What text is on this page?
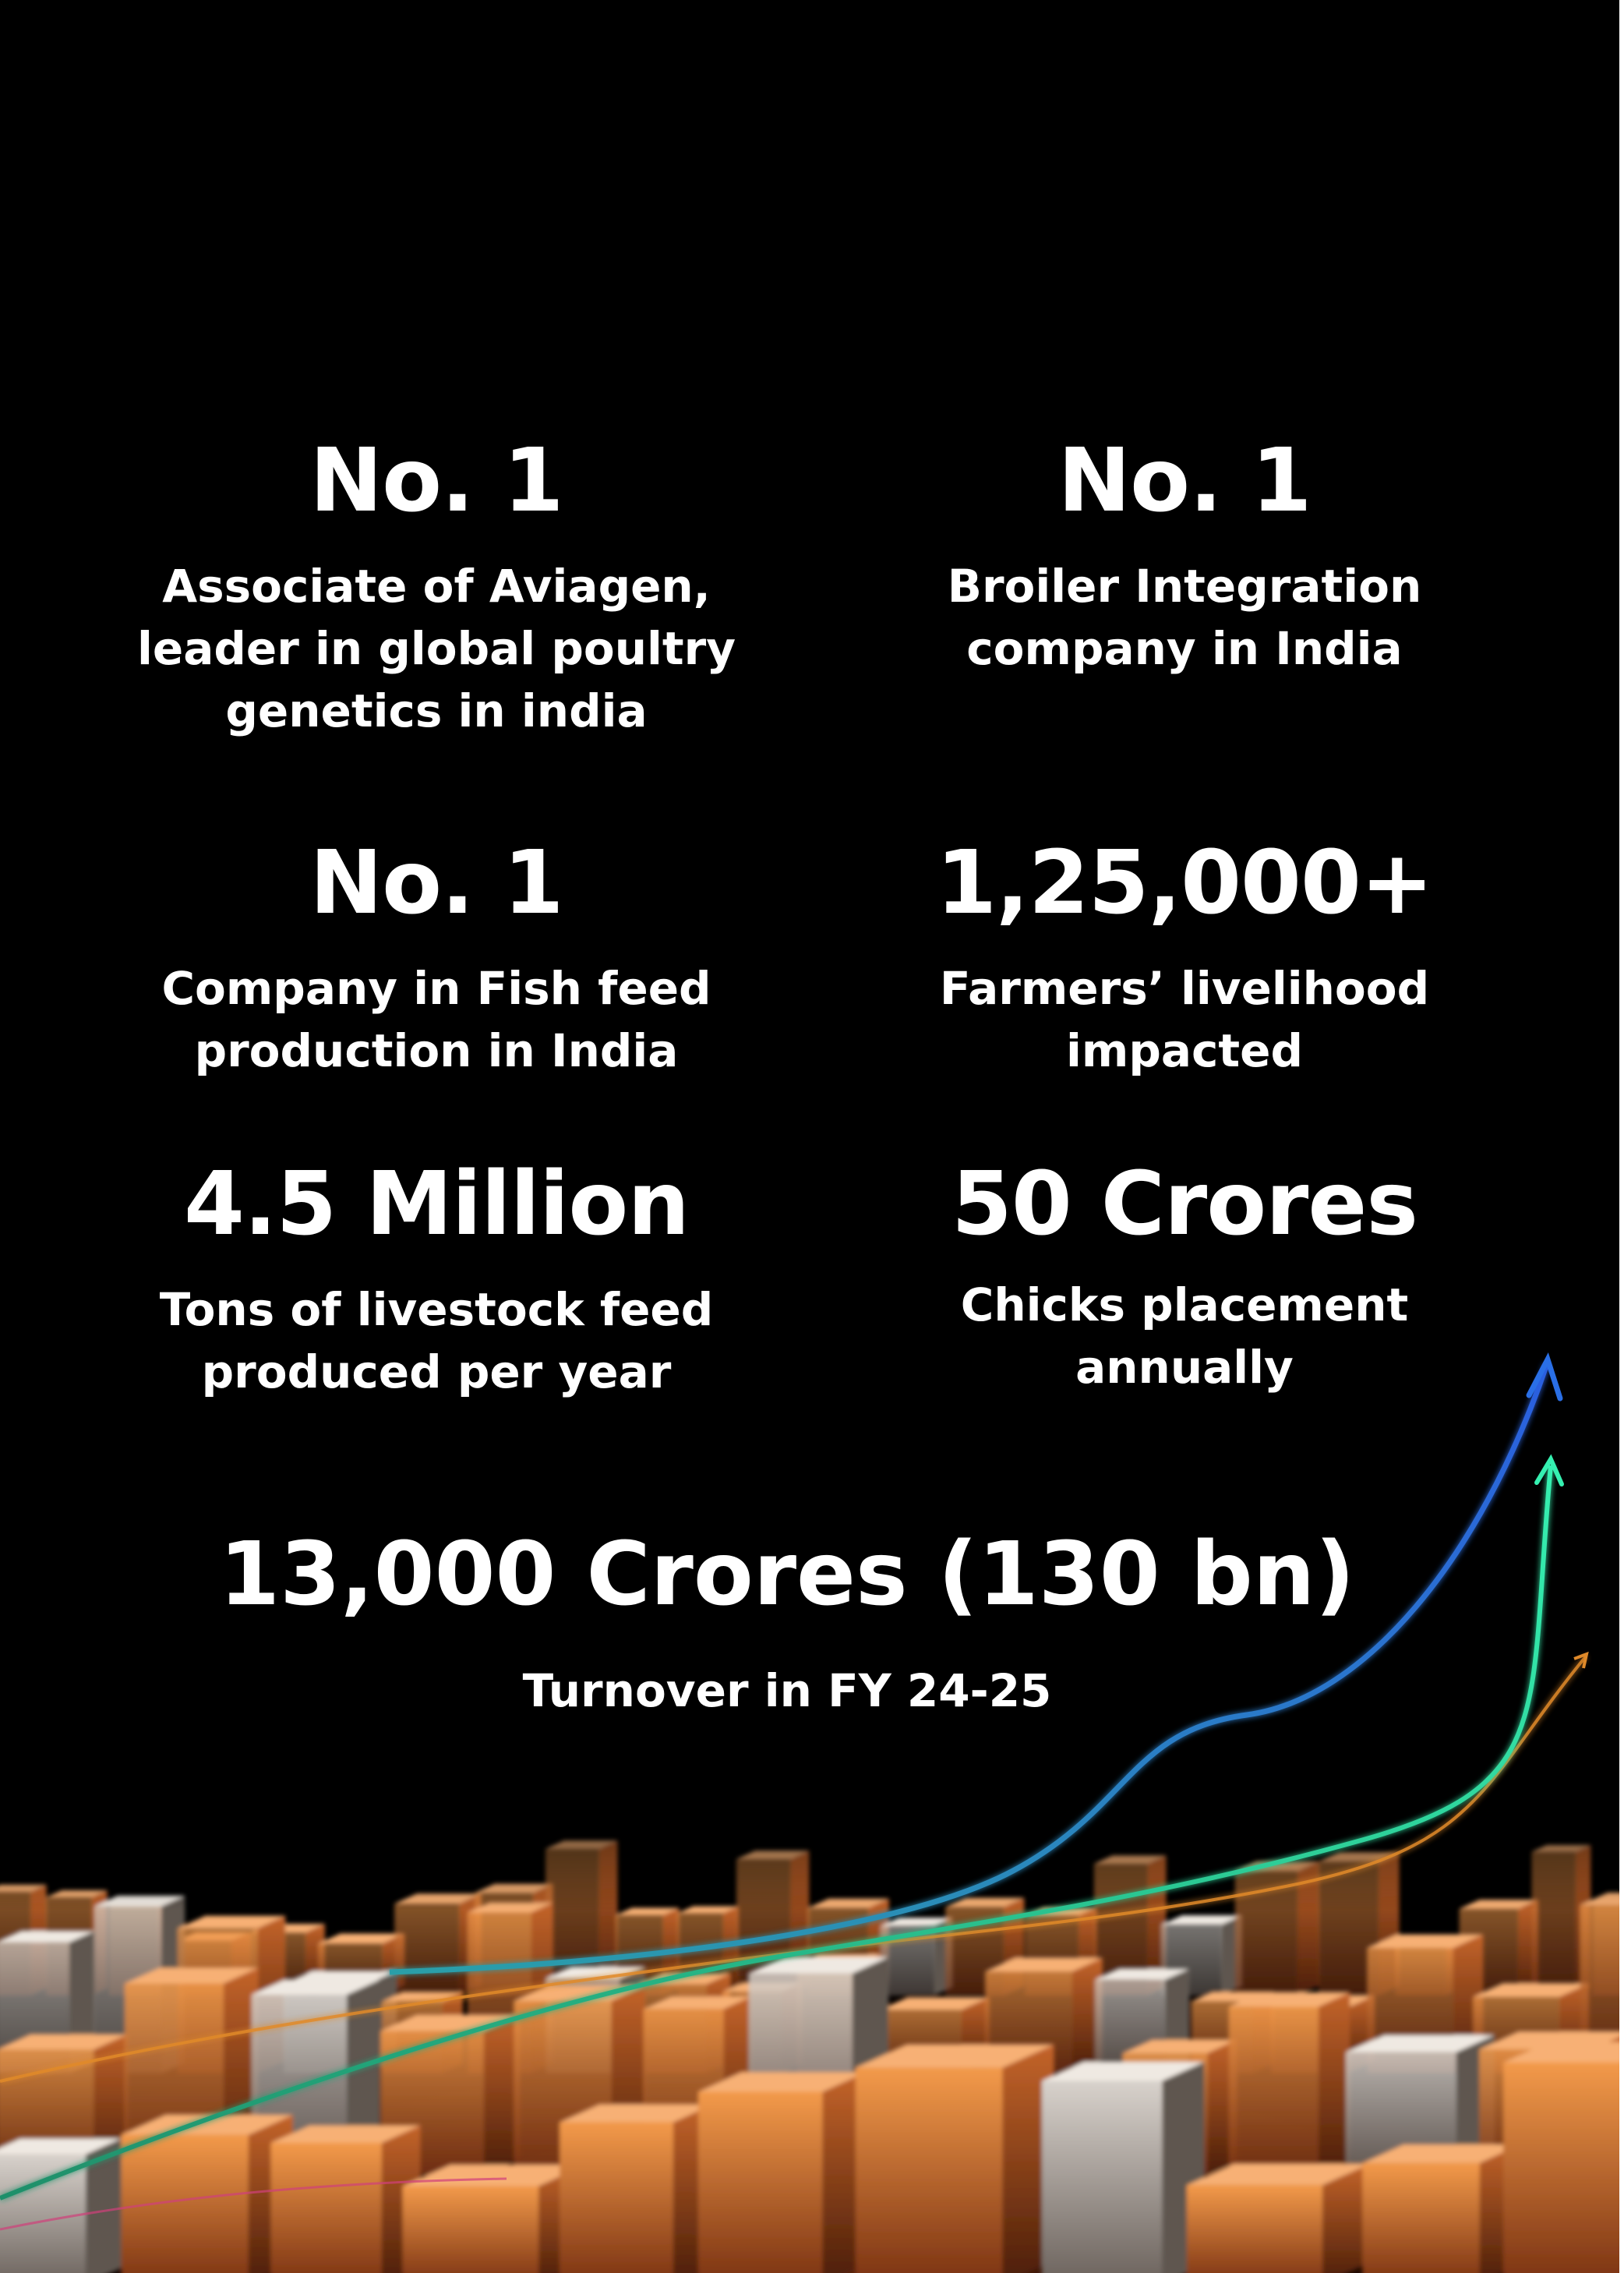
No. 1
Associate of Aviagen,
leader in global poultry
genetics in india
No. 1
Broiler Integration
company in India
No. 1
Company in Fish feed
production in India
1,25,000+
Farmers’ livelihood
impacted
4.5 Million
Tons of livestock feed
produced per year
50 Crores
Chicks placement
annually
13,000 Crores (130 bn)
Turnover in FY 24-25
